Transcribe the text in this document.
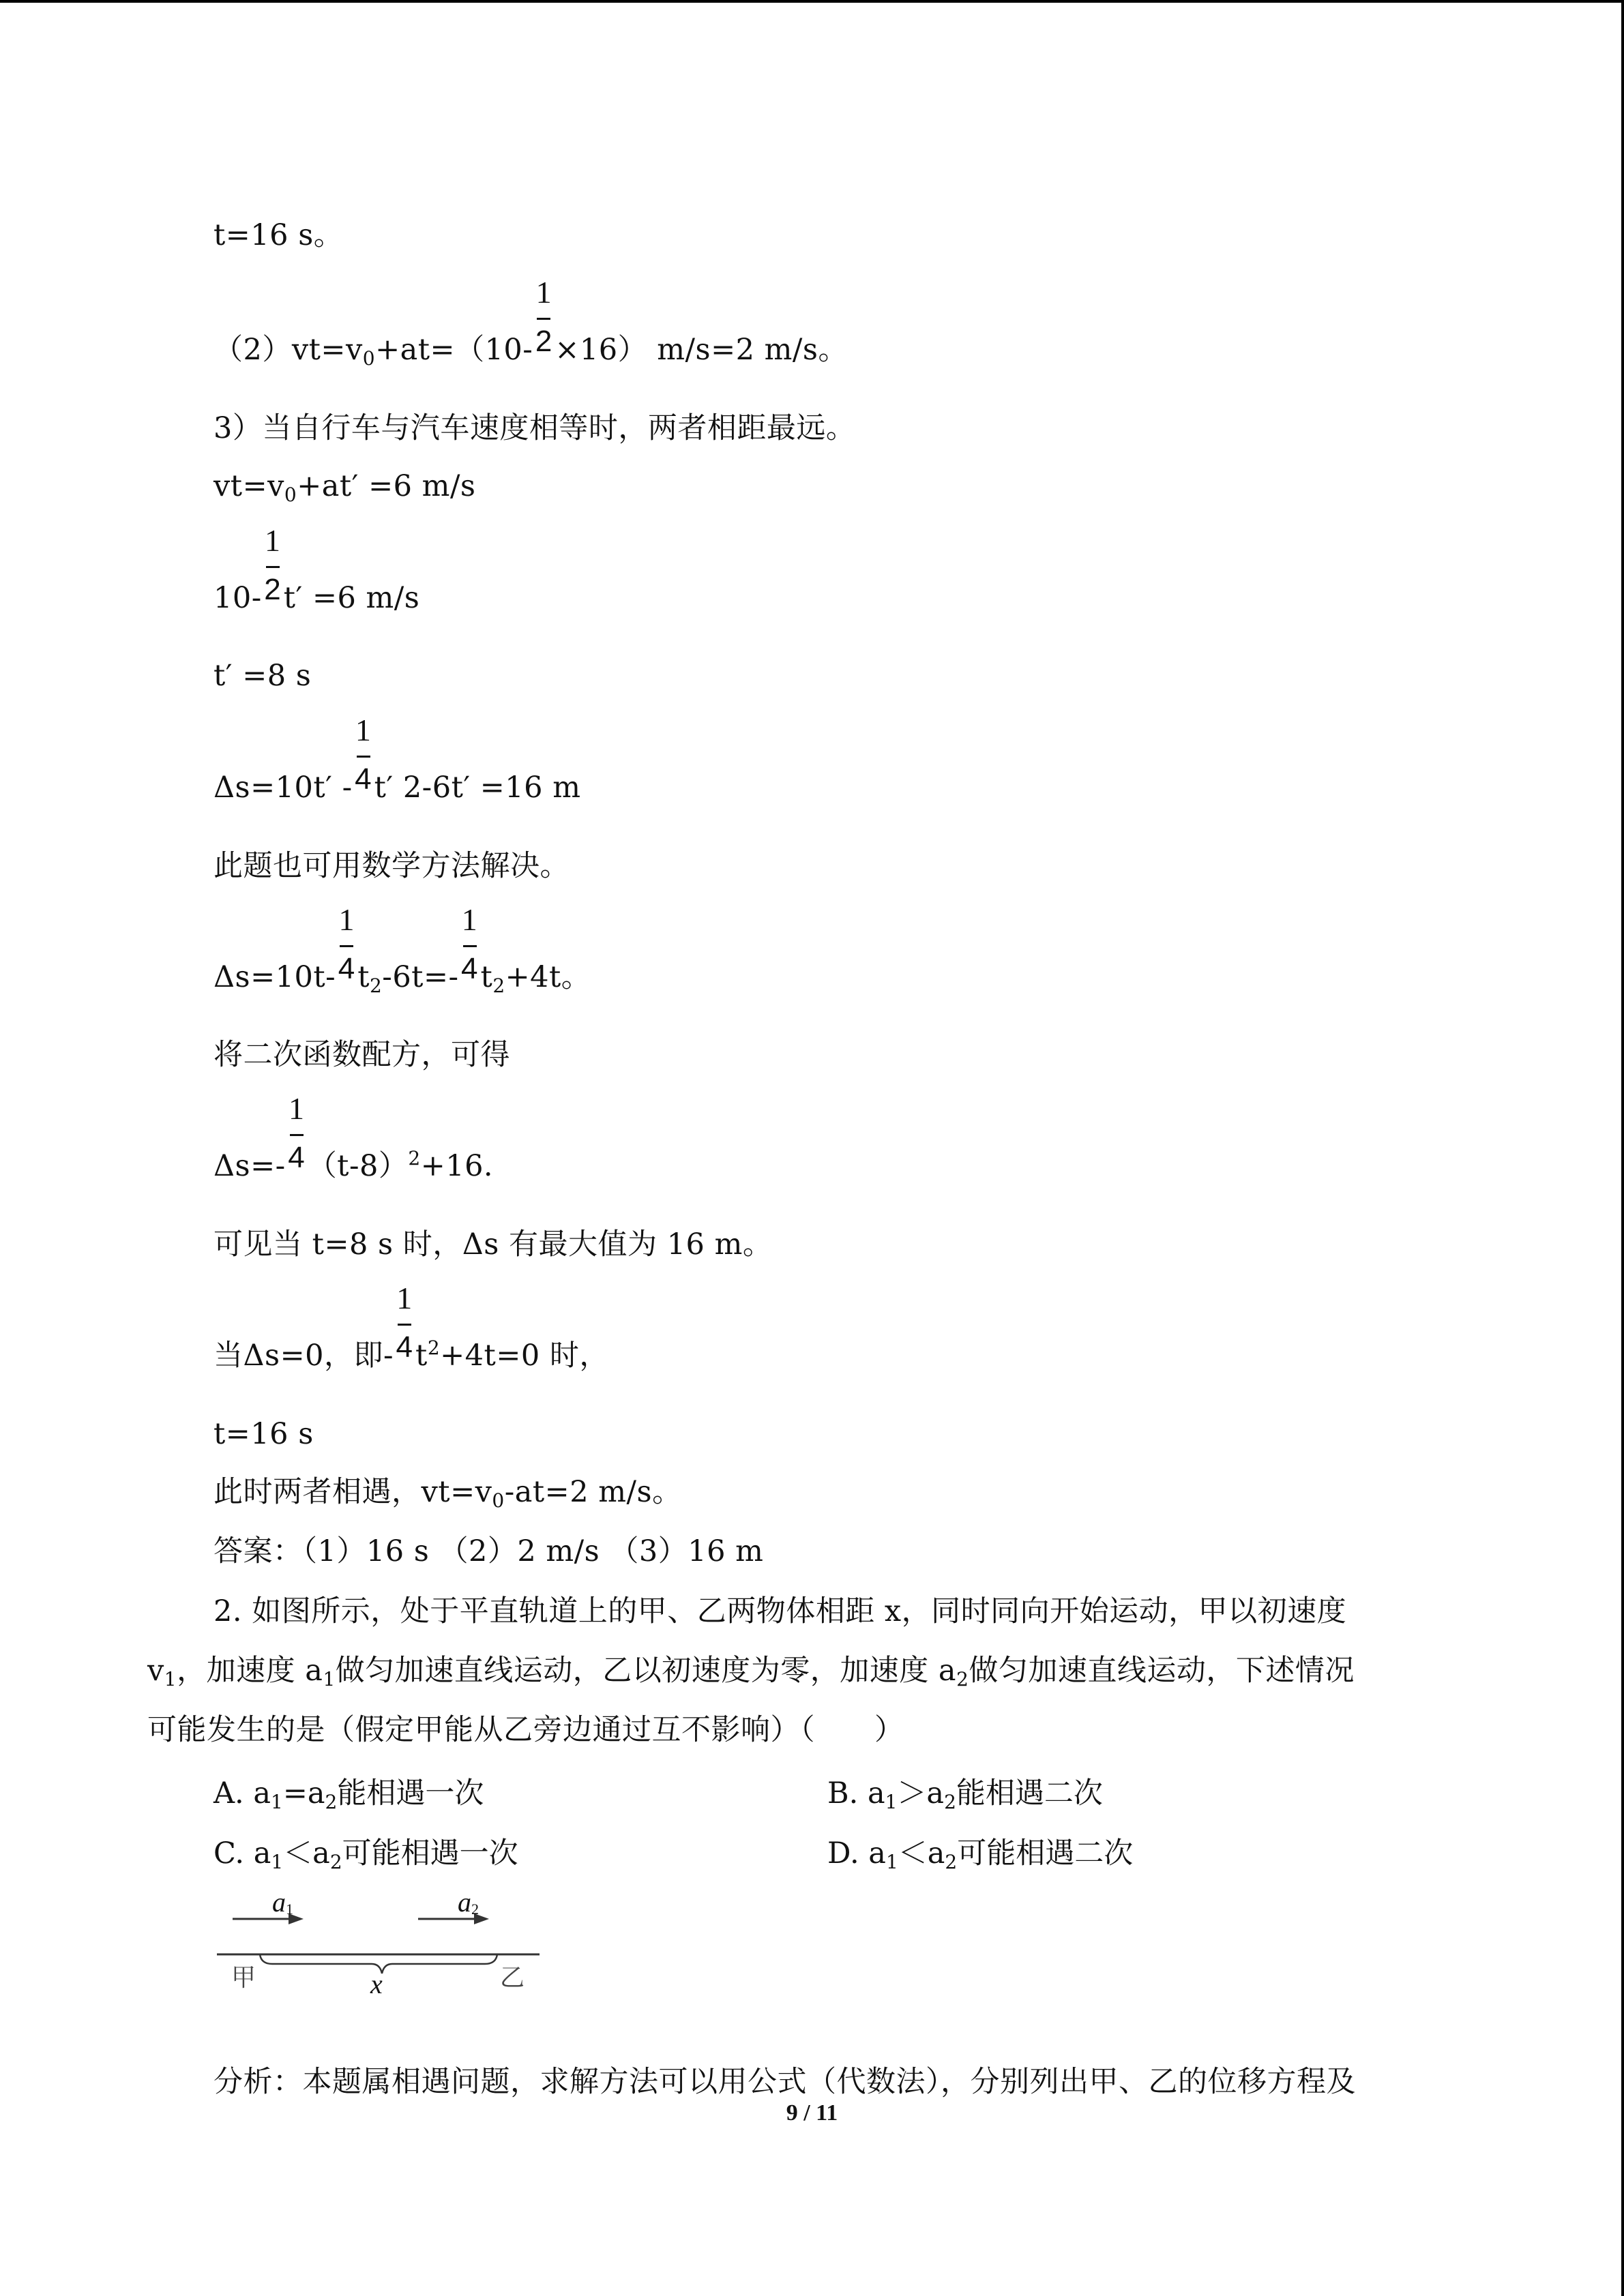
t=16 s。
$(2)vt=v_0+at=(10- \frac{1}{2}\times 16)$ m/s=2 m/s。
3）当自行车与汽车速度相等时，两者相距最远。
$vt=v_0+at' =6$ m/s
$10- \frac{1}{2}t' =6$ m/s
t′ =8 s
$\Delta s=10t' - \frac{1}{4}t'$ 2-6t′ =16 m
此题也可用数学方法解决。
$\Delta s=10t- \frac{1}{4}t_2-6t=- \frac{1}{4}t_2+4t$。
将二次函数配方，可得
$\Delta s=- \frac{1}{4}(t-8)^2+16$.
可见当 t=8 s 时，Δs 有最大值为 16 m。
当Δs=0，即- $\frac{1}{4}t^2+4t=0$ 时，
t=16 s
此时两者相遇，$vt=v_0-at=2$ m/s。
答案：（1）16 s （2）2 m/s （3）16 m
2. 如图所示，处于平直轨道上的甲、乙两物体相距 x，同时同向开始运动，甲以初速度
$v_1$，加速度 $a_1$做匀加速直线运动，乙以初速度为零，加速度 $a_2$做匀加速直线运动，下述情况
可能发生的是（假定甲能从乙旁边通过互不影响）（　　）
A. $a_1=a_2$能相遇一次	B. $a_1>a_2$能相遇二次
C. $a_1<a_2$可能相遇一次	D. $a_1<a_2$可能相遇二次
$a_1$	$a_2$
甲	x	乙
分析：本题属相遇问题，求解方法可以用公式（代数法），分别列出甲、乙的位移方程及
9 / 11
